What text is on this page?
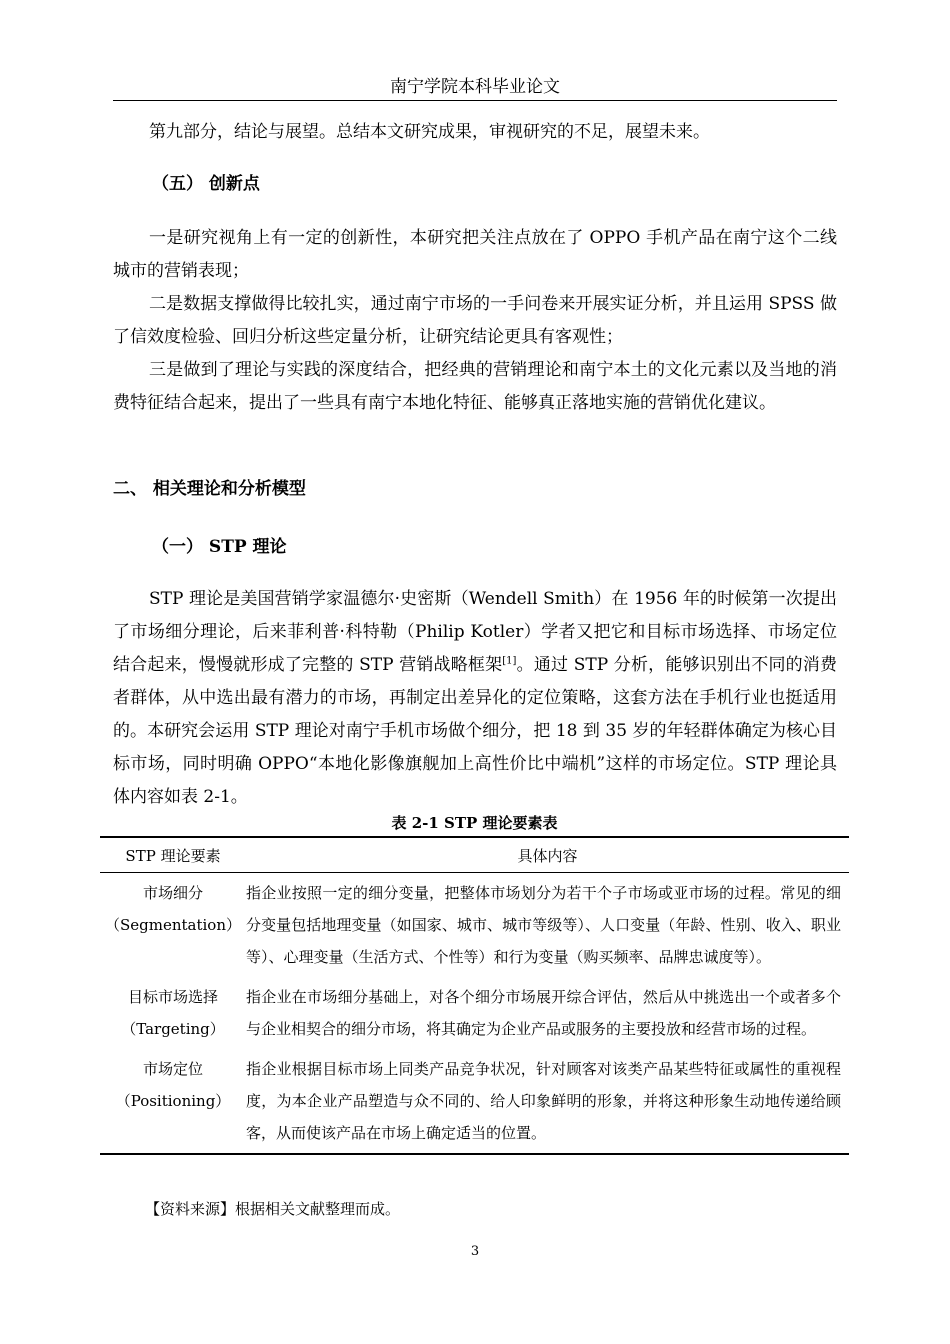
南宁学院本科毕业论文

第九部分，结论与展望。总结本文研究成果，审视研究的不足，展望未来。

（五） 创新点

一是研究视角上有一定的创新性，本研究把关注点放在了 OPPO 手机产品在南宁这个二线城市的营销表现；

二是数据支撑做得比较扎实，通过南宁市场的一手问卷来开展实证分析，并且运用 SPSS 做了信效度检验、回归分析这些定量分析，让研究结论更具有客观性；

三是做到了理论与实践的深度结合，把经典的营销理论和南宁本土的文化元素以及当地的消费特征结合起来，提出了一些具有南宁本地化特征、能够真正落地实施的营销优化建议。

二、 相关理论和分析模型
（一） STP 理论

STP 理论是美国营销学家温德尔·史密斯（Wendell Smith）在 1956 年的时候第一次提出了市场细分理论，后来菲利普·科特勒（Philip Kotler）学者又把它和目标市场选择、市场定位结合起来，慢慢就形成了完整的 STP 营销战略框架[1]。通过 STP 分析，能够识别出不同的消费者群体，从中选出最有潜力的市场，再制定出差异化的定位策略，这套方法在手机行业也挺适用的。本研究会运用 STP 理论对南宁手机市场做个细分，把 18 到 35 岁的年轻群体确定为核心目标市场，同时明确 OPPO“本地化影像旗舰加上高性价比中端机”这样的市场定位。STP 理论具体内容如表 2-1。

表 2-1 STP 理论要素表
STP 理论要素	具体内容

市场细分
（Segmentation）	指企业按照一定的细分变量，把整体市场划分为若干个子市场或亚市场的过程。常见的细分变量包括地理变量（如国家、城市、城市等级等）、人口变量（年龄、性别、收入、职业等）、心理变量（生活方式、个性等）和行为变量（购买频率、品牌忠诚度等）。

目标市场选择
（Targeting）	指企业在市场细分基础上，对各个细分市场展开综合评估，然后从中挑选出一个或者多个与企业相契合的细分市场，将其确定为企业产品或服务的主要投放和经营市场的过程。

市场定位
（Positioning）	指企业根据目标市场上同类产品竞争状况，针对顾客对该类产品某些特征或属性的重视程度，为本企业产品塑造与众不同的、给人印象鲜明的形象，并将这种形象生动地传递给顾客，从而使该产品在市场上确定适当的位置。
【资料来源】根据相关文献整理而成。
3
